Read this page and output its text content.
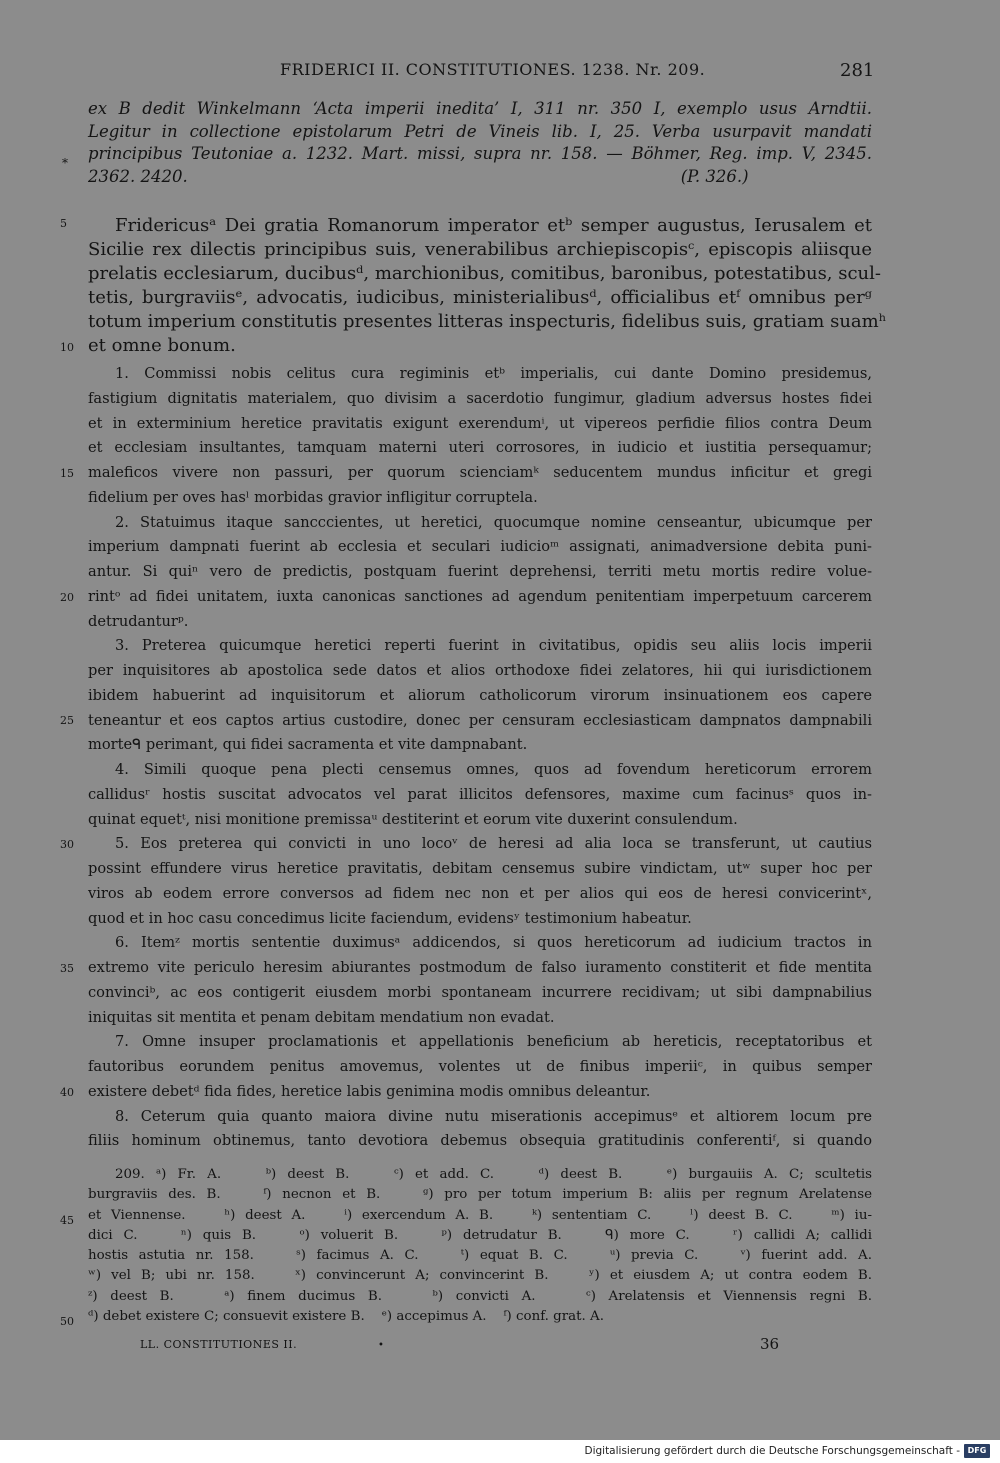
FRIDERICI II. CONSTITUTIONES. 1238. Nr. 209.	281
*
ex B dedit Winkelmann ‘Acta imperii inedita’ I, 311 nr. 350 I, exemplo usus Arndtii.
Legitur in collectione epistolarum Petri de Vineis lib. I, 25. Verba usurpavit mandati
principibus Teutoniae a. 1232. Mart. missi, supra nr. 158. — Böhmer, Reg. imp. V, 2345.
2362. 2420.                                                                                              (P. 326.)
Fridericusᵃ Dei gratia Romanorum imperator etᵇ semper augustus, Ierusalem et
Sicilie rex dilectis principibus suis, venerabilibus archiepiscopisᶜ, episcopis aliisque
prelatis ecclesiarum, ducibusᵈ, marchionibus, comitibus, baronibus, potestatibus, scul-
tetis, burgraviisᵉ, advocatis, iudicibus, ministerialibusᵈ, officialibus etᶠ omnibus perᵍ
totum imperium constitutis presentes litteras inspecturis, fidelibus suis, gratiam suamʰ
et omne bonum.
1. Commissi nobis celitus cura regiminis etᵇ imperialis, cui dante Domino presidemus,
fastigium dignitatis materialem, quo divisim a sacerdotio fungimur, gladium adversus hostes fidei
et in exterminium heretice pravitatis exigunt exerendumⁱ, ut vipereos perfidie filios contra Deum
et ecclesiam insultantes, tamquam materni uteri corrosores, in iudicio et iustitia persequamur;
maleficos vivere non passuri, per quorum scienciamᵏ seducentem mundus inficitur et gregi
fidelium per oves hasˡ morbidas gravior infligitur corruptela.
2. Statuimus itaque sancccientes, ut heretici, quocumque nomine censeantur, ubicumque per
imperium dampnati fuerint ab ecclesia et seculari iudicioᵐ assignati, animadversione debita puni-
antur. Si quiⁿ vero de predictis, postquam fuerint deprehensi, territi metu mortis redire volue-
rintᵒ ad fidei unitatem, iuxta canonicas sanctiones ad agendum penitentiam imperpetuum carcerem
detrudanturᵖ.
3. Preterea quicumque heretici reperti fuerint in civitatibus, opidis seu aliis locis imperii
per inquisitores ab apostolica sede datos et alios orthodoxe fidei zelatores, hii qui iurisdictionem
ibidem habuerint ad inquisitorum et aliorum catholicorum virorum insinuationem eos capere
teneantur et eos captos artius custodire, donec per censuram ecclesiasticam dampnatos dampnabili
morteᑫ perimant, qui fidei sacramenta et vite dampnabant.
4. Simili quoque pena plecti censemus omnes, quos ad fovendum hereticorum errorem
callidusʳ hostis suscitat advocatos vel parat illicitos defensores, maxime cum facinusˢ quos in-
quinat equetᵗ, nisi monitione premissaᵘ destiterint et eorum vite duxerint consulendum.
5. Eos preterea qui convicti in uno locoᵛ de heresi ad alia loca se transferunt, ut cautius
possint effundere virus heretice pravitatis, debitam censemus subire vindictam, utʷ super hoc per
viros ab eodem errore conversos ad fidem nec non et per alios qui eos de heresi convicerintˣ,
quod et in hoc casu concedimus licite faciendum, evidensʸ testimonium habeatur.
6. Itemᶻ mortis sententie duximusᵃ addicendos, si quos hereticorum ad iudicium tractos in
extremo vite periculo heresim abiurantes postmodum de falso iuramento constiterit et fide mentita
convinciᵇ, ac eos contigerit eiusdem morbi spontaneam incurrere recidivam; ut sibi dampnabilius
iniquitas sit mentita et penam debitam mendatium non evadat.
7. Omne insuper proclamationis et appellationis beneficium ab hereticis, receptatoribus et
fautoribus eorundem penitus amovemus, volentes ut de finibus imperiiᶜ, in quibus semper
existere debetᵈ fida fides, heretice labis genimina modis omnibus deleantur.
8. Ceterum quia quanto maiora divine nutu miserationis accepimusᵉ et altiorem locum pre
filiis hominum obtinemus, tanto devotiora debemus obsequia gratitudinis conferentiᶠ, si quando
209. ᵃ) Fr. A.    ᵇ) deest B.    ᶜ) et add. C.    ᵈ) deest B.    ᵉ) burgauiis A. C; scultetis
burgraviis des. B.    ᶠ) necnon et B.    ᵍ) pro per totum imperium B: aliis per regnum Arelatense
et Viennense.    ʰ) deest A.    ⁱ) exercendum A. B.    ᵏ) sententiam C.    ˡ) deest B. C.    ᵐ) iu-
dici C.    ⁿ) quis B.    ᵒ) voluerit B.    ᵖ) detrudatur B.    ᑫ) more C.    ʳ) callidi A; callidi
hostis astutia nr. 158.    ˢ) facimus A. C.    ᵗ) equat B. C.    ᵘ) previa C.    ᵛ) fuerint add. A.
ʷ) vel B; ubi nr. 158.    ˣ) convincerunt A; convincerint B.    ʸ) et eiusdem A; ut contra eodem B.
ᶻ) deest B.    ᵃ) finem ducimus B.    ᵇ) convicti A.    ᶜ) Arelatensis et Viennensis regni B.
ᵈ) debet existere C; consuevit existere B.    ᵉ) accepimus A.    ᶠ) conf. grat. A.
5
10
15
20
25
30
35
40
45
50
LL. CONSTITUTIONES II.	•	36
Digitalisierung gefördert durch die Deutsche Forschungsgemeinschaft - DFG
